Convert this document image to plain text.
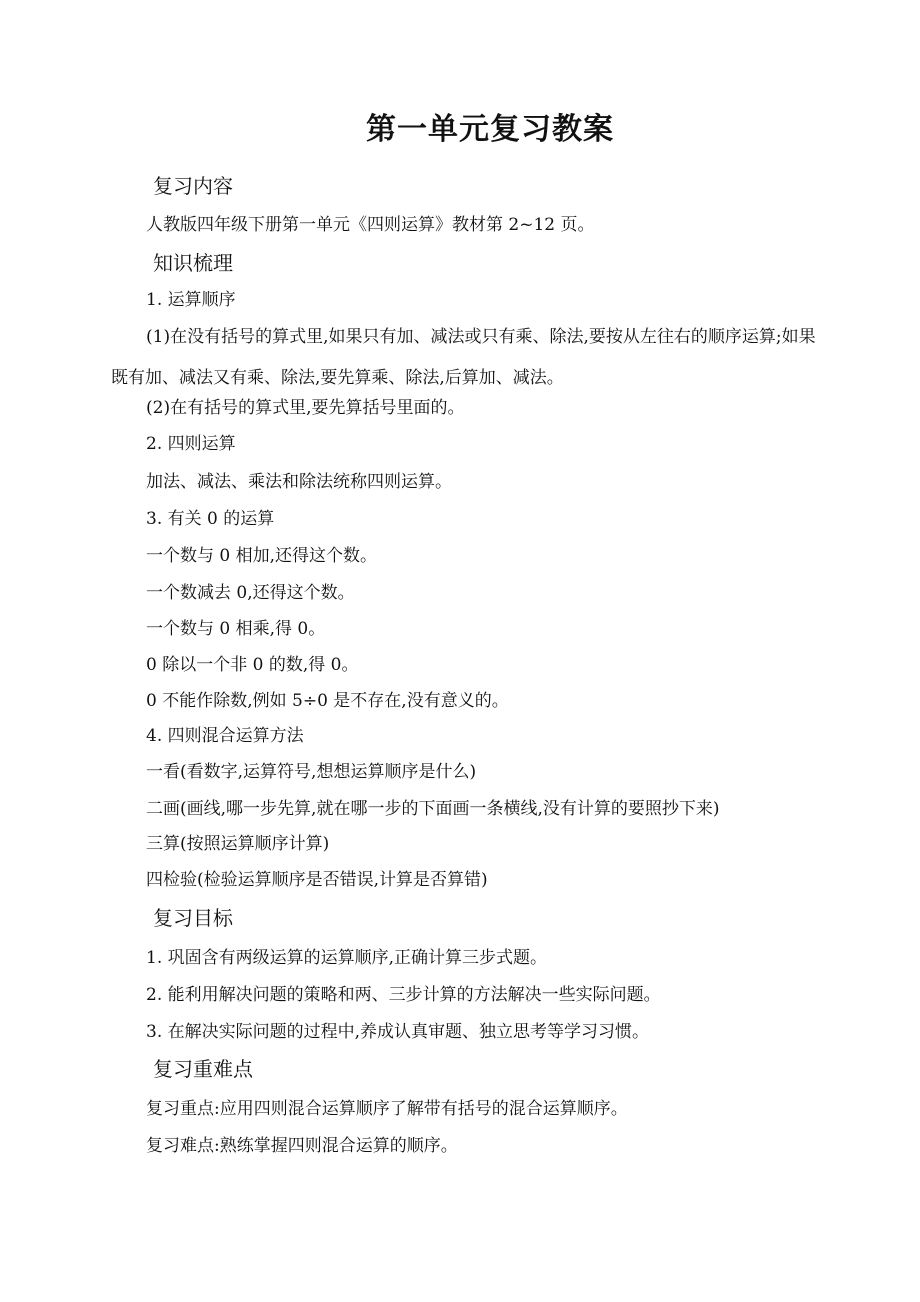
第一单元复习教案
复习内容

人教版四年级下册第一单元《四则运算》教材第 2~12 页。

知识梳理

1. 运算顺序

(1)在没有括号的算式里,如果只有加、减法或只有乘、除法,要按从左往右的顺序运算;如果既有加、减法又有乘、除法,要先算乘、除法,后算加、减法。

(2)在有括号的算式里,要先算括号里面的。

2. 四则运算

加法、减法、乘法和除法统称四则运算。

3. 有关 0 的运算

一个数与 0 相加,还得这个数。

一个数减去 0,还得这个数。

一个数与 0 相乘,得 0。

0 除以一个非 0 的数,得 0。

0 不能作除数,例如 5÷0 是不存在,没有意义的。

4. 四则混合运算方法

一看(看数字,运算符号,想想运算顺序是什么)

二画(画线,哪一步先算,就在哪一步的下面画一条横线,没有计算的要照抄下来)

三算(按照运算顺序计算)

四检验(检验运算顺序是否错误,计算是否算错)

复习目标

1. 巩固含有两级运算的运算顺序,正确计算三步式题。

2. 能利用解决问题的策略和两、三步计算的方法解决一些实际问题。

3. 在解决实际问题的过程中,养成认真审题、独立思考等学习习惯。

复习重难点

复习重点:应用四则混合运算顺序了解带有括号的混合运算顺序。

复习难点:熟练掌握四则混合运算的顺序。
